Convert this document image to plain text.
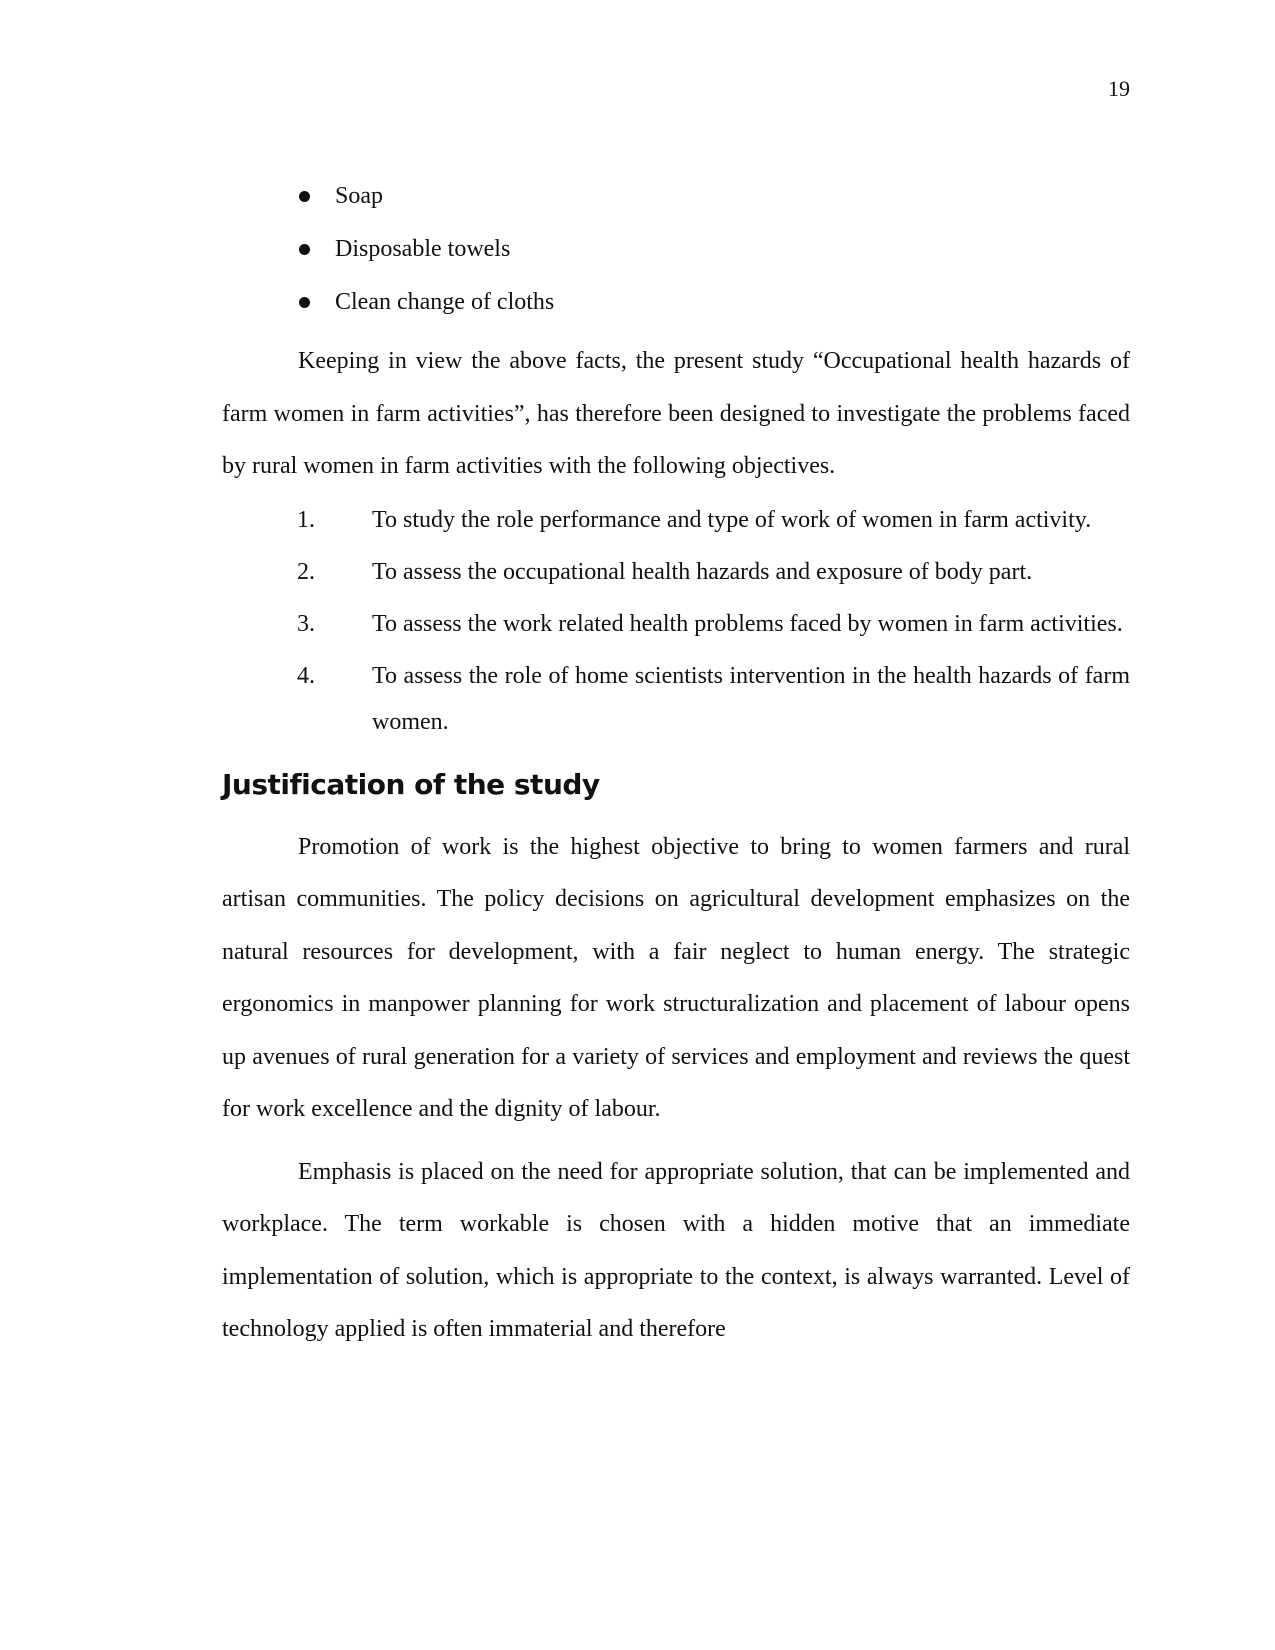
19
Soap
Disposable towels
Clean change of cloths

Keeping in view the above facts, the present study “Occupational health hazards of farm women in farm activities”, has therefore been designed to investigate the problems faced by rural women in farm activities with the following objectives.

1. To study the role performance and type of work of women in farm activity.
2. To assess the occupational health hazards and exposure of body part.
3. To assess the work related health problems faced by women in farm activities.
4. To assess the role of home scientists intervention in the health hazards of farm women.
Justification of the study

Promotion of work is the highest objective to bring to women farmers and rural artisan communities. The policy decisions on agricultural development emphasizes on the natural resources for development, with a fair neglect to human energy. The strategic ergonomics in manpower planning for work structuralization and placement of labour opens up avenues of rural generation for a variety of services and employment and reviews the quest for work excellence and the dignity of labour.

Emphasis is placed on the need for appropriate solution, that can be implemented and workplace. The term workable is chosen with a hidden motive that an immediate implementation of solution, which is appropriate to the context, is always warranted. Level of technology applied is often immaterial and therefore
